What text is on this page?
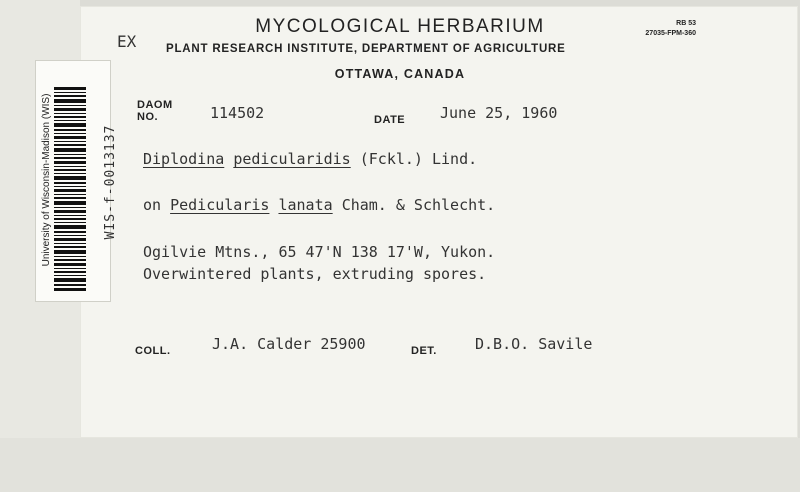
MYCOLOGICAL HERBARIUM
EX
RB 53
27035-FPM-360
PLANT RESEARCH INSTITUTE, DEPARTMENT OF AGRICULTURE
OTTAWA, CANADA
University of Wisconsin-Madison (WIS)	WIS-f-0013137
DAOM
NO.	114502	DATE June 25, 1960
Diplodina pedicularidis (Fckl.) Lind.
on Pedicularis lanata Cham. & Schlecht.
Ogilvie Mtns., 65 47'N 138 17'W, Yukon.
Overwintered plants, extruding spores.
COLL.	J.A. Calder 25900	DET.	D.B.O. Savile
